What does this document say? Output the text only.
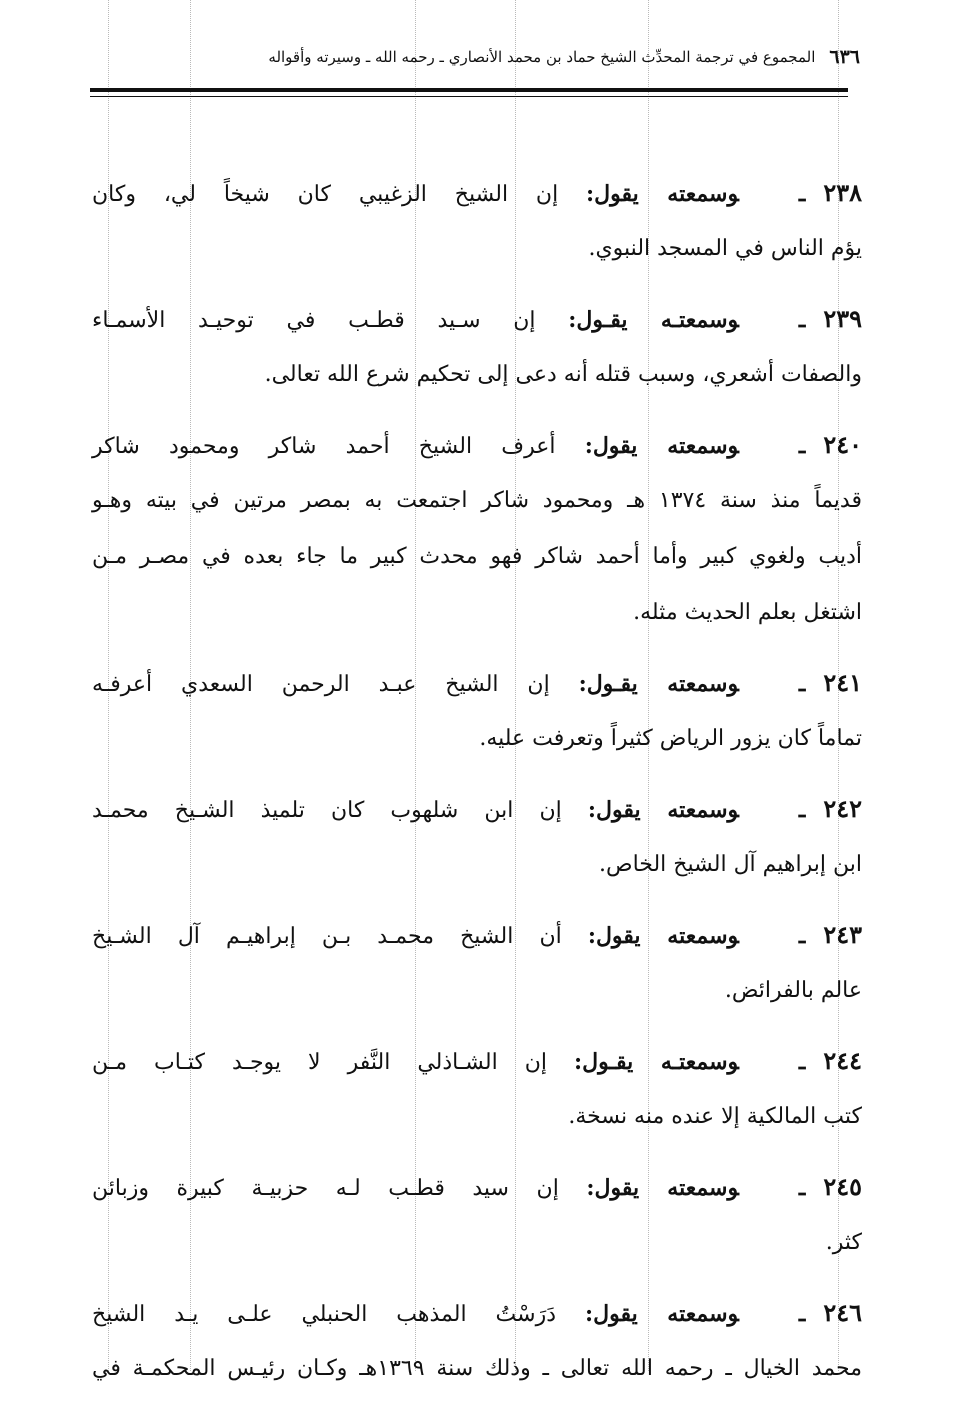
٦٣٦
المجموع في ترجمة المحدِّث الشيخ حماد بن محمد الأنصاري ـ رحمه الله ـ وسيرته وأقواله
٢٣٨ـوسمعته يقول: إن الشيخ الزغيبي كان شيخاً لي، وكان
يؤم الناس في المسجد النبوي.
٢٣٩ـوسمعتـه يقـول: إن سـيد قطـب في توحيـد الأسمـاء
والصفات أشعري، وسبب قتله أنه دعى إلى تحكيم شرع الله تعالى.
٢٤٠ـوسمعته يقول: أعرف الشيخ أحمد شاكر ومحمود شاكر
قديماً منذ سنة ١٣٧٤ هـ ومحمود شاكر اجتمعت به بمصر مرتين في بيته وهـو
أديب ولغوي كبير وأما أحمد شاكر فهو محدث كبير ما جاء بعده في مصـر مـن
اشتغل بعلم الحديث مثله.
٢٤١ـوسمعته يقـول: إن الشيخ عبـد الرحمن السعدي أعرفـه
تماماً كان يزور الرياض كثيراً وتعرفت عليه.
٢٤٢ـوسمعته يقول: إن ابن شلهوب كان تلميذ الشـيخ محمـد
ابن إبراهيم آل الشيخ الخاص.
٢٤٣ـوسمعته يقول: أن الشيخ محمـد بـن إبراهيـم آل الشـيخ
عالم بالفرائض.
٢٤٤ـوسمعتـه يقـول: إن الشـاذلي النَّفر لا يوجـد كتـاب مـن
كتب المالكية إلا عنده منه نسخة.
٢٤٥ـوسمعته يقول: إن سيد قطـب لـه حزبيـة كبيرة وزبائن
كثر.
٢٤٦ـوسمعته يقول: دَرَسْتُ المذهب الحنبلي علـى يـد الشيخ
محمد الخيال ـ رحمه الله تعالى ـ وذلك سنة ١٣٦٩هـ وكـان رئيـس المحكمـة في
